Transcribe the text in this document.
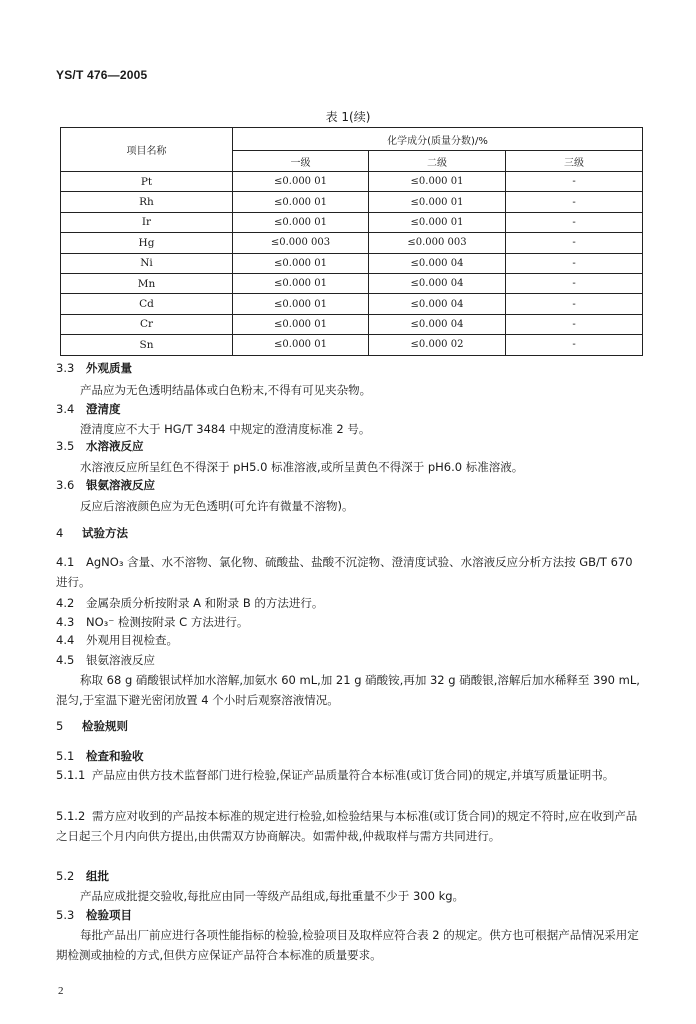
YS/T 476—2005
表 1(续)
项目名称	化学成分(质量分数)/%		
	一级	二级	三级
Pt	≤0.000 01	≤0.000 01	-
Rh	≤0.000 01	≤0.000 01	-
Ir	≤0.000 01	≤0.000 01	-
Hg	≤0.000 003	≤0.000 003	-
Ni	≤0.000 01	≤0.000 04	-
Mn	≤0.000 01	≤0.000 04	-
Cd	≤0.000 01	≤0.000 04	-
Cr	≤0.000 01	≤0.000 04	-
Sn	≤0.000 01	≤0.000 02	-
3.3 外观质量
产品应为无色透明结晶体或白色粉末,不得有可见夹杂物。
3.4 澄清度
澄清度应不大于 HG/T 3484 中规定的澄清度标准 2 号。
3.5 水溶液反应
水溶液反应所呈红色不得深于 pH5.0 标准溶液,或所呈黄色不得深于 pH6.0 标准溶液。
3.6 银氨溶液反应
反应后溶液颜色应为无色透明(可允许有微量不溶物)。
4 试验方法
4.1 AgNO₃ 含量、水不溶物、氯化物、硫酸盐、盐酸不沉淀物、澄清度试验、水溶液反应分析方法按 GB/T 670进行。
4.2 金属杂质分析按附录 A 和附录 B 的方法进行。
4.3 NO₃⁻ 检测按附录 C 方法进行。
4.4 外观用目视检查。
4.5 银氨溶液反应
称取 68 g 硝酸银试样加水溶解,加氨水 60 mL,加 21 g 硝酸铵,再加 32 g 硝酸银,溶解后加水稀释至 390 mL,混匀,于室温下避光密闭放置 4 个小时后观察溶液情况。
5 检验规则
5.1 检查和验收
5.1.1 产品应由供方技术监督部门进行检验,保证产品质量符合本标准(或订货合同)的规定,并填写质量证明书。
5.1.2 需方应对收到的产品按本标准的规定进行检验,如检验结果与本标准(或订货合同)的规定不符时,应在收到产品之日起三个月内向供方提出,由供需双方协商解决。如需仲裁,仲裁取样与需方共同进行。
5.2 组批
产品应成批提交验收,每批应由同一等级产品组成,每批重量不少于 300 kg。
5.3 检验项目
每批产品出厂前应进行各项性能指标的检验,检验项目及取样应符合表 2 的规定。供方也可根据产品情况采用定期检测或抽检的方式,但供方应保证产品符合本标准的质量要求。
2
